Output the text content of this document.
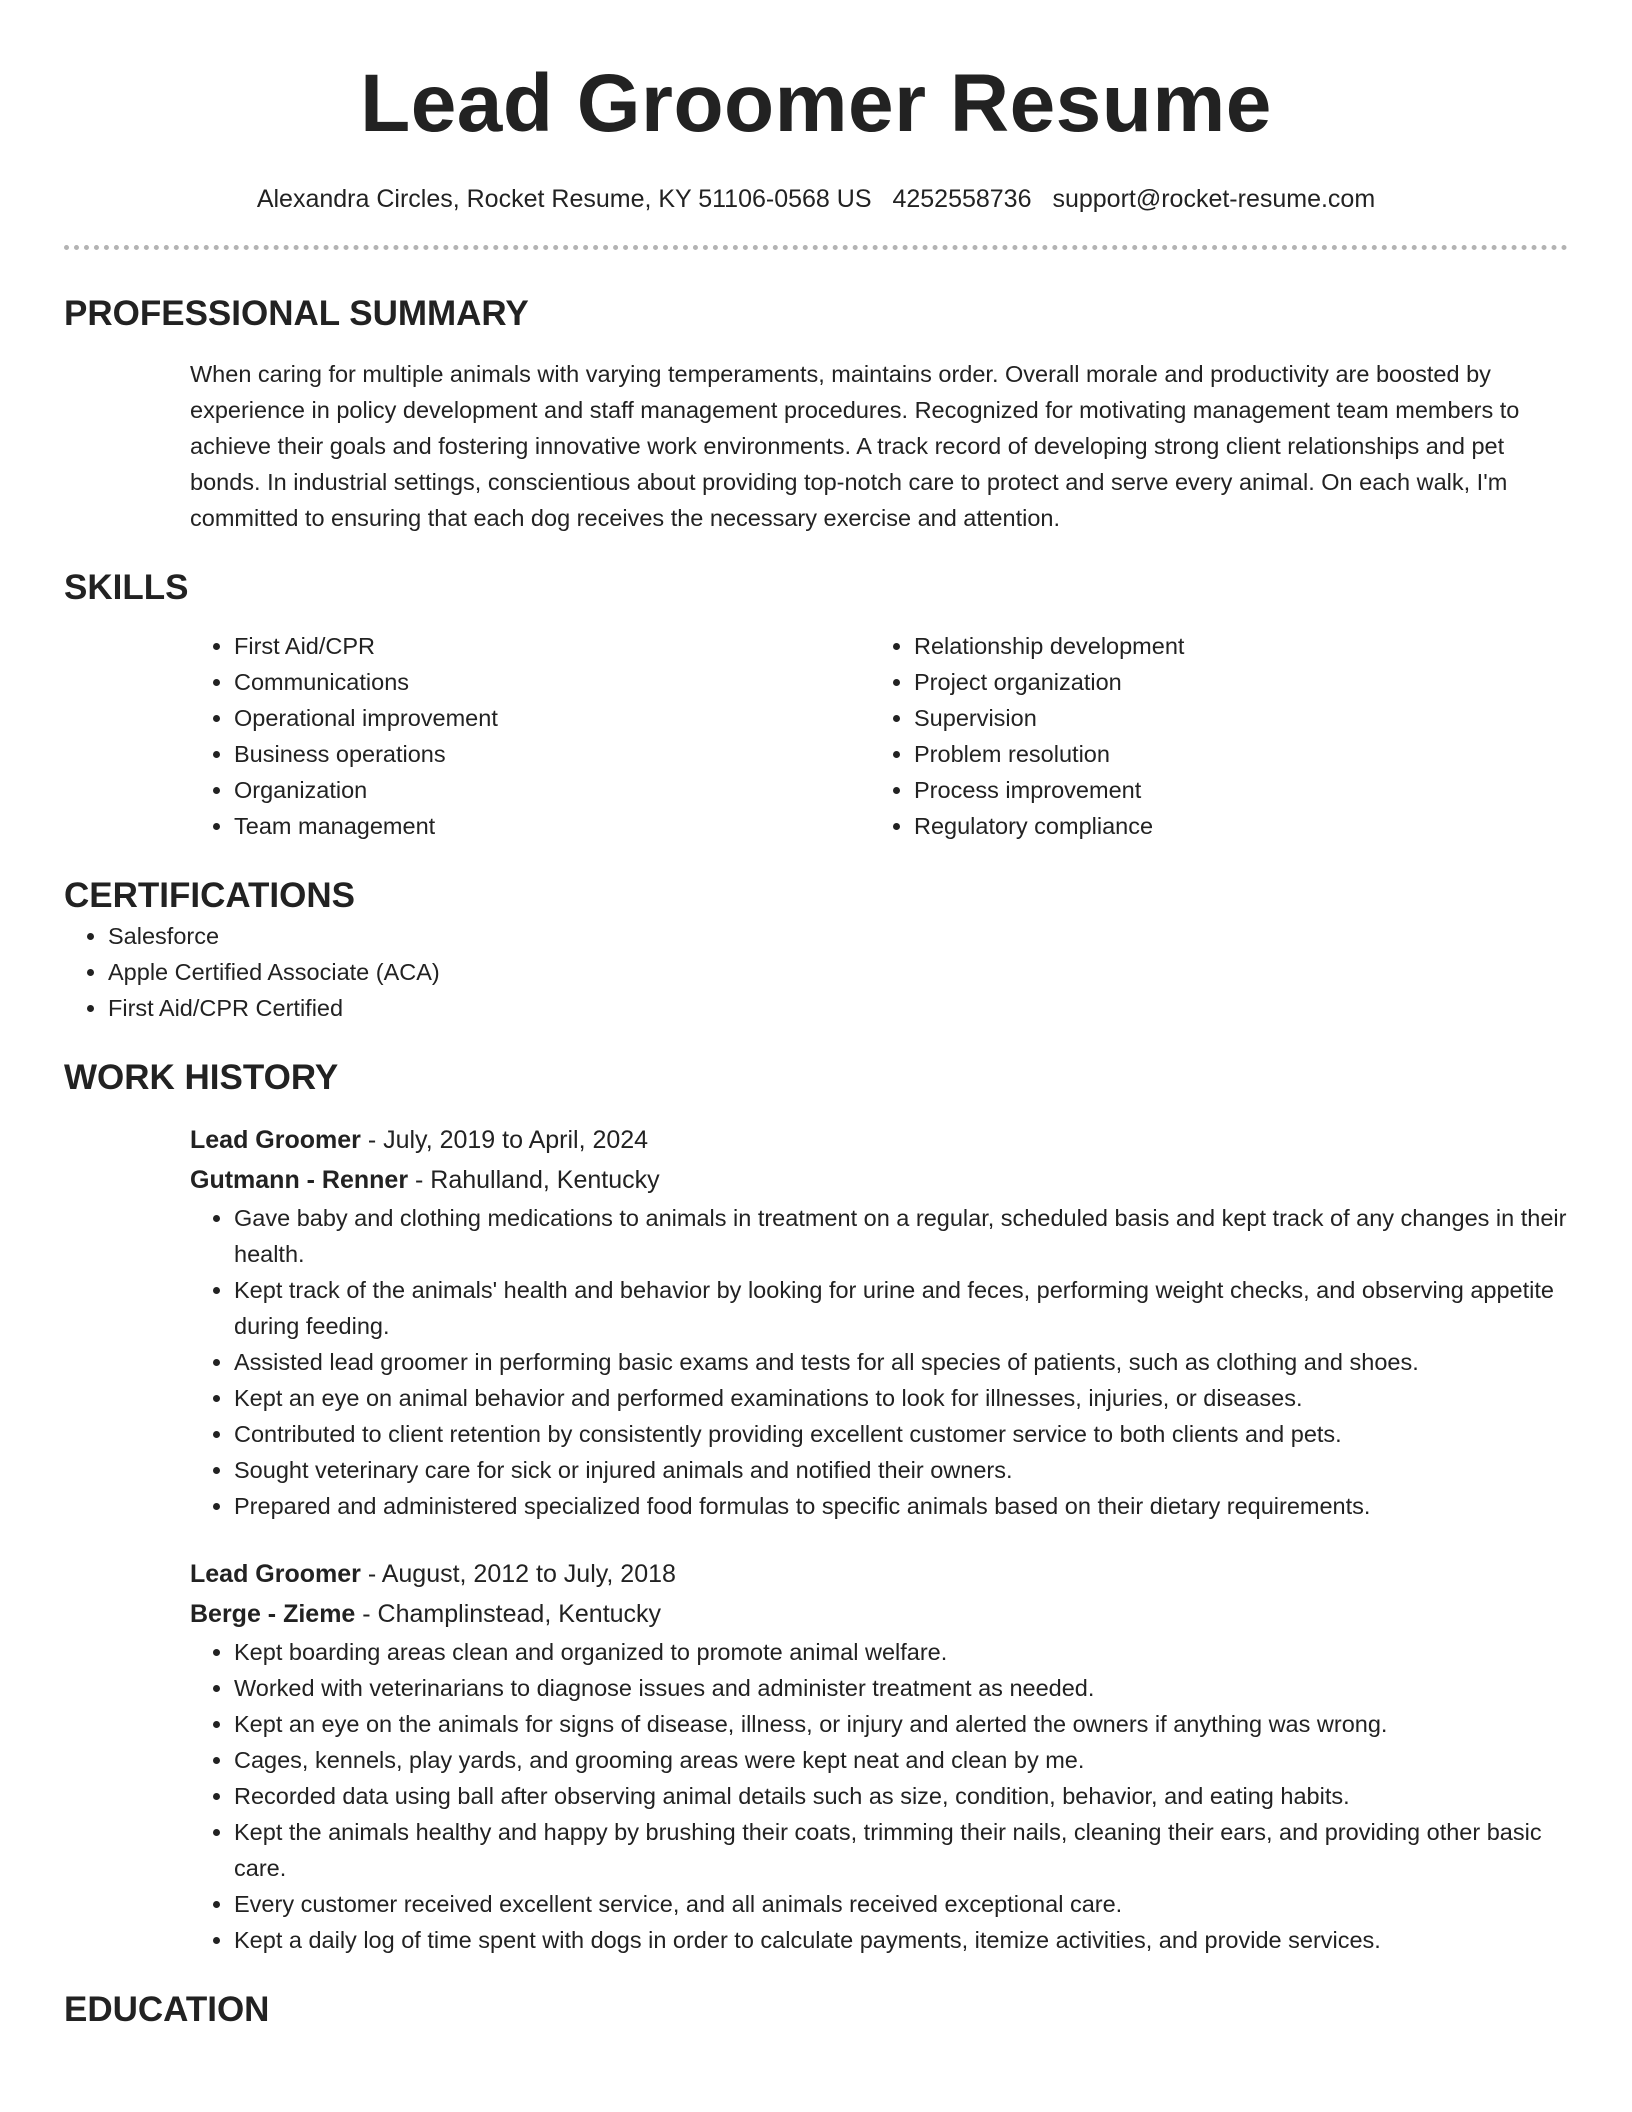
Lead Groomer Resume
Alexandra Circles, Rocket Resume, KY 51106-0568 US 4252558736 support@rocket-resume.com
PROFESSIONAL SUMMARY

When caring for multiple animals with varying temperaments, maintains order. Overall morale and productivity are boosted by experience in policy development and staff management procedures. Recognized for motivating management team members to achieve their goals and fostering innovative work environments. A track record of developing strong client relationships and pet bonds. In industrial settings, conscientious about providing top-notch care to protect and serve every animal. On each walk, I'm committed to ensuring that each dog receives the necessary exercise and attention.

SKILLS
• First Aid/CPR
• Communications
• Operational improvement
• Business operations
• Organization
• Team management
• Relationship development
• Project organization
• Supervision
• Problem resolution
• Process improvement
• Regulatory compliance
CERTIFICATIONS
• Salesforce
• Apple Certified Associate (ACA)
• First Aid/CPR Certified
WORK HISTORY
Lead Groomer - July, 2019 to April, 2024
Gutmann - Renner - Rahulland, Kentucky
• Gave baby and clothing medications to animals in treatment on a regular, scheduled basis and kept track of any changes in their health.
• Kept track of the animals' health and behavior by looking for urine and feces, performing weight checks, and observing appetite during feeding.
• Assisted lead groomer in performing basic exams and tests for all species of patients, such as clothing and shoes.
• Kept an eye on animal behavior and performed examinations to look for illnesses, injuries, or diseases.
• Contributed to client retention by consistently providing excellent customer service to both clients and pets.
• Sought veterinary care for sick or injured animals and notified their owners.
• Prepared and administered specialized food formulas to specific animals based on their dietary requirements.
Lead Groomer - August, 2012 to July, 2018
Berge - Zieme - Champlinstead, Kentucky
• Kept boarding areas clean and organized to promote animal welfare.
• Worked with veterinarians to diagnose issues and administer treatment as needed.
• Kept an eye on the animals for signs of disease, illness, or injury and alerted the owners if anything was wrong.
• Cages, kennels, play yards, and grooming areas were kept neat and clean by me.
• Recorded data using ball after observing animal details such as size, condition, behavior, and eating habits.
• Kept the animals healthy and happy by brushing their coats, trimming their nails, cleaning their ears, and providing other basic care.
• Every customer received excellent service, and all animals received exceptional care.
• Kept a daily log of time spent with dogs in order to calculate payments, itemize activities, and provide services.
EDUCATION
